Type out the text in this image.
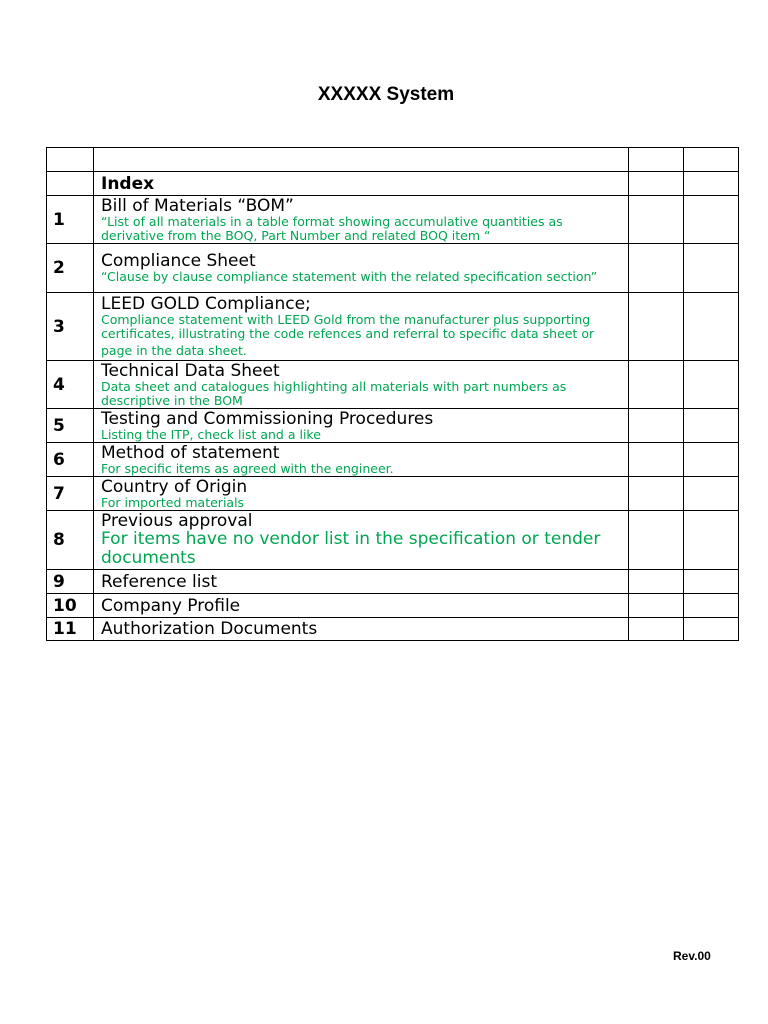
XXXXX System

	Index		
1	Bill of Materials “BOM”
“List of all materials in a table format showing accumulative quantities as derivative from the BOQ, Part Number and related BOQ item “		

2	Compliance Sheet
“Clause by clause compliance statement with the related specification section”		

3	LEED GOLD Compliance;
Compliance statement with LEED Gold from the manufacturer plus supporting certificates, illustrating the code refences and referral to specific data sheet or
page in the data sheet.		

4	Technical Data Sheet
Data sheet and catalogues highlighting all materials with part numbers as descriptive in the BOM		

5	Testing and Commissioning Procedures
Listing the ITP, check list and a like		

6	Method of statement
For specific items as agreed with the engineer.		

7	Country of Origin
For imported materials		

8	Previous approval
For items have no vendor list in the specification or tender documents		

9	Reference list		

10	Company Profile		

11	Authorization Documents		

Rev.00
